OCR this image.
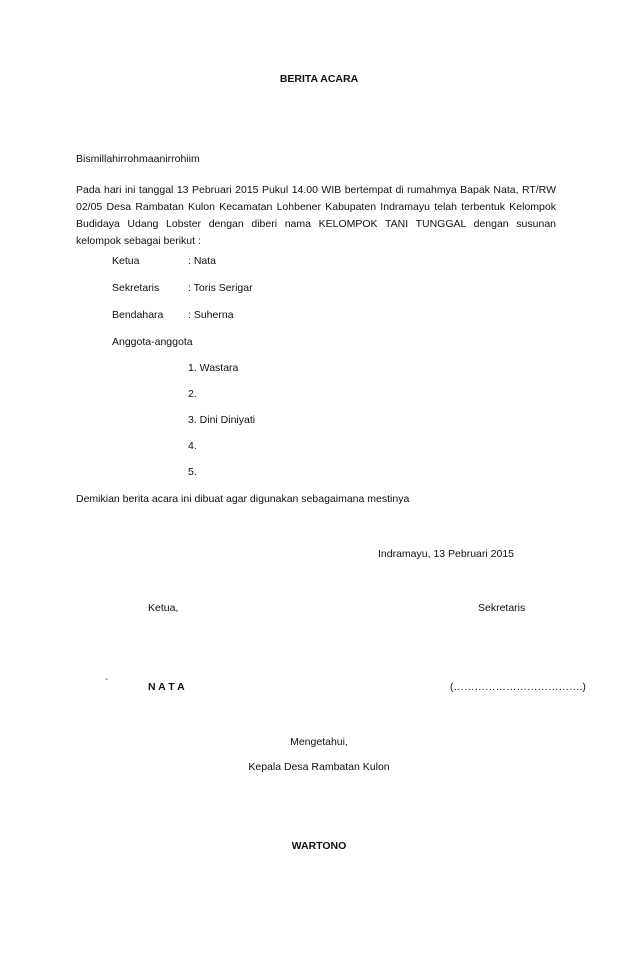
BERITA ACARA
Bismillahirrohmaanirrohiim
Pada hari ini tanggal 13 Pebruari 2015 Pukul 14.00 WIB bertempat di rumahmya Bapak Nata, RT/RW 02/05 Desa Rambatan Kulon Kecamatan Lohbener Kabupaten Indramayu telah terbentuk Kelompok Budidaya Udang Lobster dengan diberi nama KELOMPOK TANI TUNGGAL dengan susunan kelompok sebagai berikut :
Ketua	: Nata
Sekretaris	: Toris Serigar
Bendahara : Suherna
Anggota-anggota
1. Wastara
2.
3. Dini Diniyati
4.
5.
Demikian berita acara ini dibuat agar digunakan sebagaimana mestinya
Indramayu, 13 Pebruari 2015
Ketua,	Sekretaris
`	N A T A	(……………………………….)
Mengetahui,
Kepala Desa Rambatan Kulon
WARTONO
